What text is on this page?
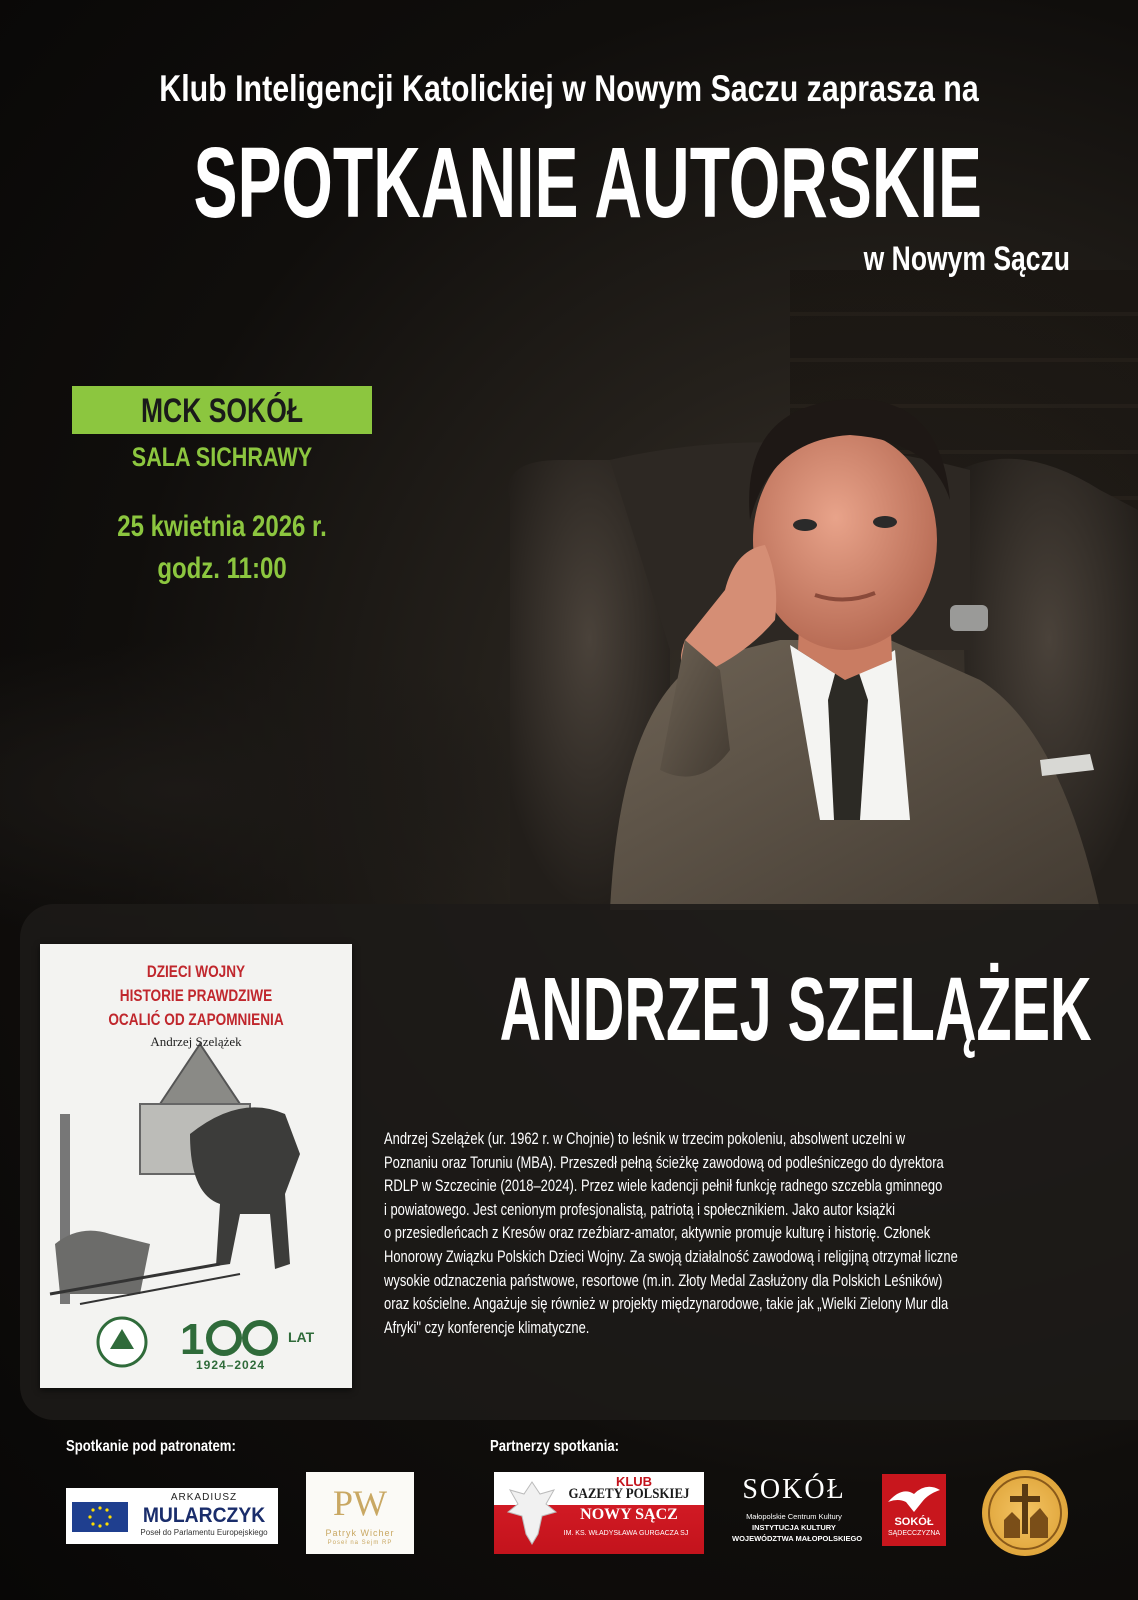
Klub Inteligencji Katolickiej w Nowym Saczu zaprasza na
SPOTKANIE AUTORSKIE
w Nowym Sączu
MCK SOKÓŁ
SALA SICHRAWY
25 kwietnia 2026 r.
godz. 11:00
1
DZIECI WOJNY
HISTORIE PRAWDZIWE
OCALIĆ OD ZAPOMNIENIA
Andrzej Szelążek
LAT
1924–2024
ANDRZEJ SZELĄŻEK
Andrzej Szelążek (ur. 1962 r. w Chojnie) to leśnik w trzecim pokoleniu, absolwent uczelni w
Poznaniu oraz Toruniu (MBA). Przeszedł pełną ścieżkę zawodową od podleśniczego do dyrektora
RDLP w Szczecinie (2018–2024). Przez wiele kadencji pełnił funkcję radnego szczebla gminnego
i powiatowego. Jest cenionym profesjonalistą, patriotą i społecznikiem. Jako autor książki
o przesiedleńcach z Kresów oraz rzeźbiarz-amator, aktywnie promuje kulturę i historię. Członek
Honorowy Związku Polskich Dzieci Wojny. Za swoją działalność zawodową i religijną otrzymał liczne
wysokie odznaczenia państwowe, resortowe (m.in. Złoty Medal Zasłużony dla Polskich Leśników)
oraz kościelne. Angażuje się również w projekty międzynarodowe, takie jak „Wielki Zielony Mur dla
Afryki" czy konferencje klimatyczne.
Spotkanie pod patronatem:	Partnerzy spotkania:
ARKADIUSZ
MULARCZYK
Poseł do Parlamentu Europejskiego
PW
Patryk Wicher
Poseł na Sejm RP
KLUB
GAZETY POLSKIEJ
NOWY SĄCZ
IM. KS. WŁADYSŁAWA GURGACZA SJ
SOKÓŁ
Małopolskie Centrum Kultury
INSTYTUCJA KULTURY
WOJEWÓDZTWA MAŁOPOLSKIEGO
SOKÓŁ
SĄDECCZYZNA
